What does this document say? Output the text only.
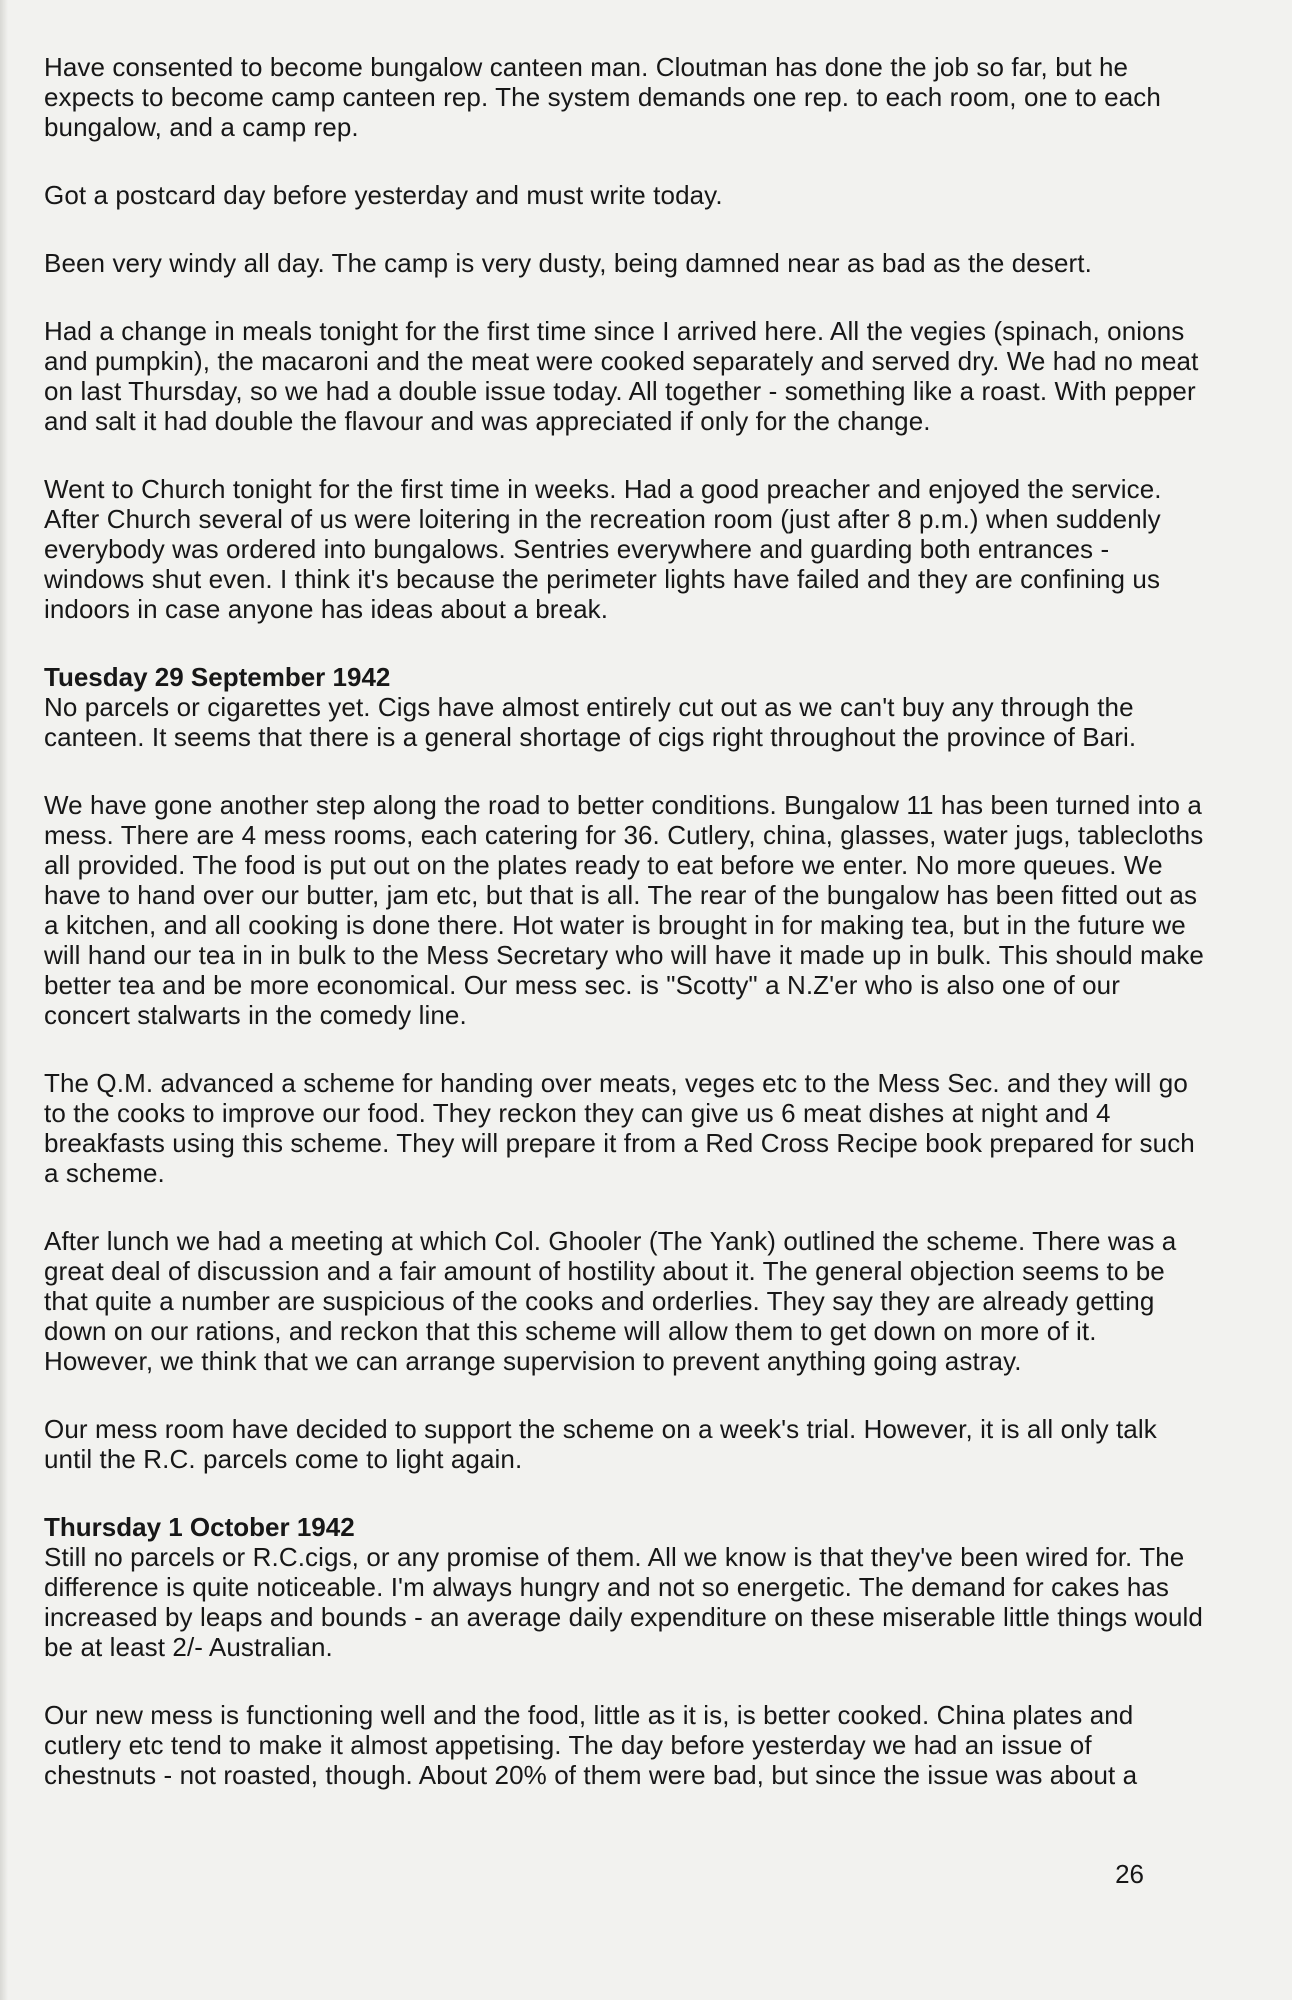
Have consented to become bungalow canteen man. Cloutman has done the job so far, but he expects to become camp canteen rep. The system demands one rep. to each room, one to each bungalow, and a camp rep.

Got a postcard day before yesterday and must write today.

Been very windy all day. The camp is very dusty, being damned near as bad as the desert.

Had a change in meals tonight for the first time since I arrived here. All the vegies (spinach, onions and pumpkin), the macaroni and the meat were cooked separately and served dry. We had no meat on last Thursday, so we had a double issue today. All together - something like a roast. With pepper and salt it had double the flavour and was appreciated if only for the change.

Went to Church tonight for the first time in weeks. Had a good preacher and enjoyed the service. After Church several of us were loitering in the recreation room (just after 8 p.m.) when suddenly everybody was ordered into bungalows. Sentries everywhere and guarding both entrances - windows shut even. I think it's because the perimeter lights have failed and they are confining us indoors in case anyone has ideas about a break.

Tuesday 29 September 1942

No parcels or cigarettes yet. Cigs have almost entirely cut out as we can't buy any through the canteen. It seems that there is a general shortage of cigs right throughout the province of Bari.

We have gone another step along the road to better conditions. Bungalow 11 has been turned into a mess. There are 4 mess rooms, each catering for 36. Cutlery, china, glasses, water jugs, tablecloths all provided. The food is put out on the plates ready to eat before we enter. No more queues. We have to hand over our butter, jam etc, but that is all. The rear of the bungalow has been fitted out as a kitchen, and all cooking is done there. Hot water is brought in for making tea, but in the future we will hand our tea in in bulk to the Mess Secretary who will have it made up in bulk. This should make better tea and be more economical. Our mess sec. is "Scotty" a N.Z'er who is also one of our concert stalwarts in the comedy line.

The Q.M. advanced a scheme for handing over meats, veges etc to the Mess Sec. and they will go to the cooks to improve our food. They reckon they can give us 6 meat dishes at night and 4 breakfasts using this scheme. They will prepare it from a Red Cross Recipe book prepared for such a scheme.

After lunch we had a meeting at which Col. Ghooler (The Yank) outlined the scheme. There was a great deal of discussion and a fair amount of hostility about it. The general objection seems to be that quite a number are suspicious of the cooks and orderlies. They say they are already getting down on our rations, and reckon that this scheme will allow them to get down on more of it. However, we think that we can arrange supervision to prevent anything going astray.

Our mess room have decided to support the scheme on a week's trial. However, it is all only talk until the R.C. parcels come to light again.

Thursday 1 October 1942

Still no parcels or R.C.cigs, or any promise of them. All we know is that they've been wired for. The difference is quite noticeable. I'm always hungry and not so energetic. The demand for cakes has increased by leaps and bounds - an average daily expenditure on these miserable little things would be at least 2/- Australian.

Our new mess is functioning well and the food, little as it is, is better cooked. China plates and cutlery etc tend to make it almost appetising. The day before yesterday we had an issue of chestnuts - not roasted, though. About 20% of them were bad, but since the issue was about a

26
